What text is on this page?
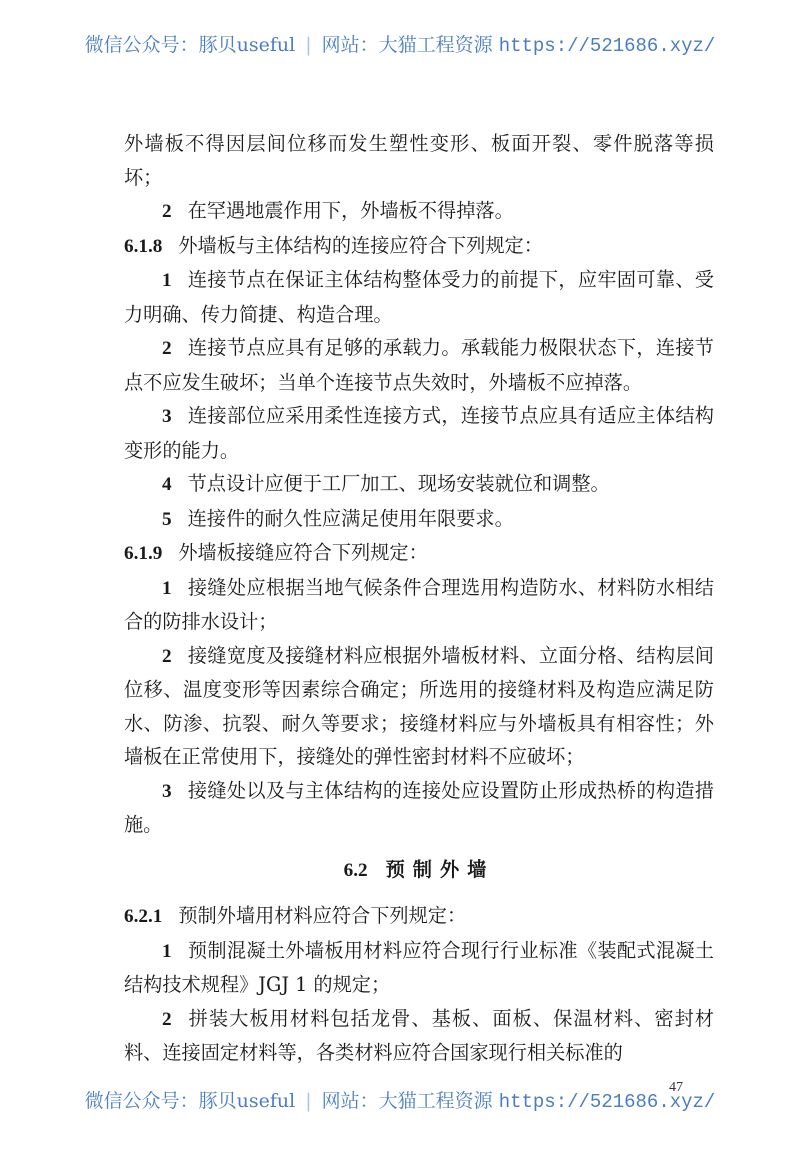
微信公众号：豚贝useful | 网站：大猫工程资源 https://521686.xyz/

外墙板不得因层间位移而发生塑性变形、板面开裂、零件脱落等损坏；

2 在罕遇地震作用下，外墙板不得掉落。

6.1.8 外墙板与主体结构的连接应符合下列规定：

1 连接节点在保证主体结构整体受力的前提下，应牢固可靠、受力明确、传力简捷、构造合理。

2 连接节点应具有足够的承载力。承载能力极限状态下，连接节点不应发生破坏；当单个连接节点失效时，外墙板不应掉落。

3 连接部位应采用柔性连接方式，连接节点应具有适应主体结构变形的能力。

4 节点设计应便于工厂加工、现场安装就位和调整。

5 连接件的耐久性应满足使用年限要求。

6.1.9 外墙板接缝应符合下列规定：

1 接缝处应根据当地气候条件合理选用构造防水、材料防水相结合的防排水设计；

2 接缝宽度及接缝材料应根据外墙板材料、立面分格、结构层间位移、温度变形等因素综合确定；所选用的接缝材料及构造应满足防水、防渗、抗裂、耐久等要求；接缝材料应与外墙板具有相容性；外墙板在正常使用下，接缝处的弹性密封材料不应破坏；

3 接缝处以及与主体结构的连接处应设置防止形成热桥的构造措施。

6.2 预制外墙

6.2.1 预制外墙用材料应符合下列规定：

1 预制混凝土外墙板用材料应符合现行行业标准《装配式混凝土结构技术规程》JGJ 1 的规定；

2 拼装大板用材料包括龙骨、基板、面板、保温材料、密封材料、连接固定材料等，各类材料应符合国家现行相关标准的

微信公众号：豚贝useful | 网站：大猫工程资源 https://521686.xyz/
47
